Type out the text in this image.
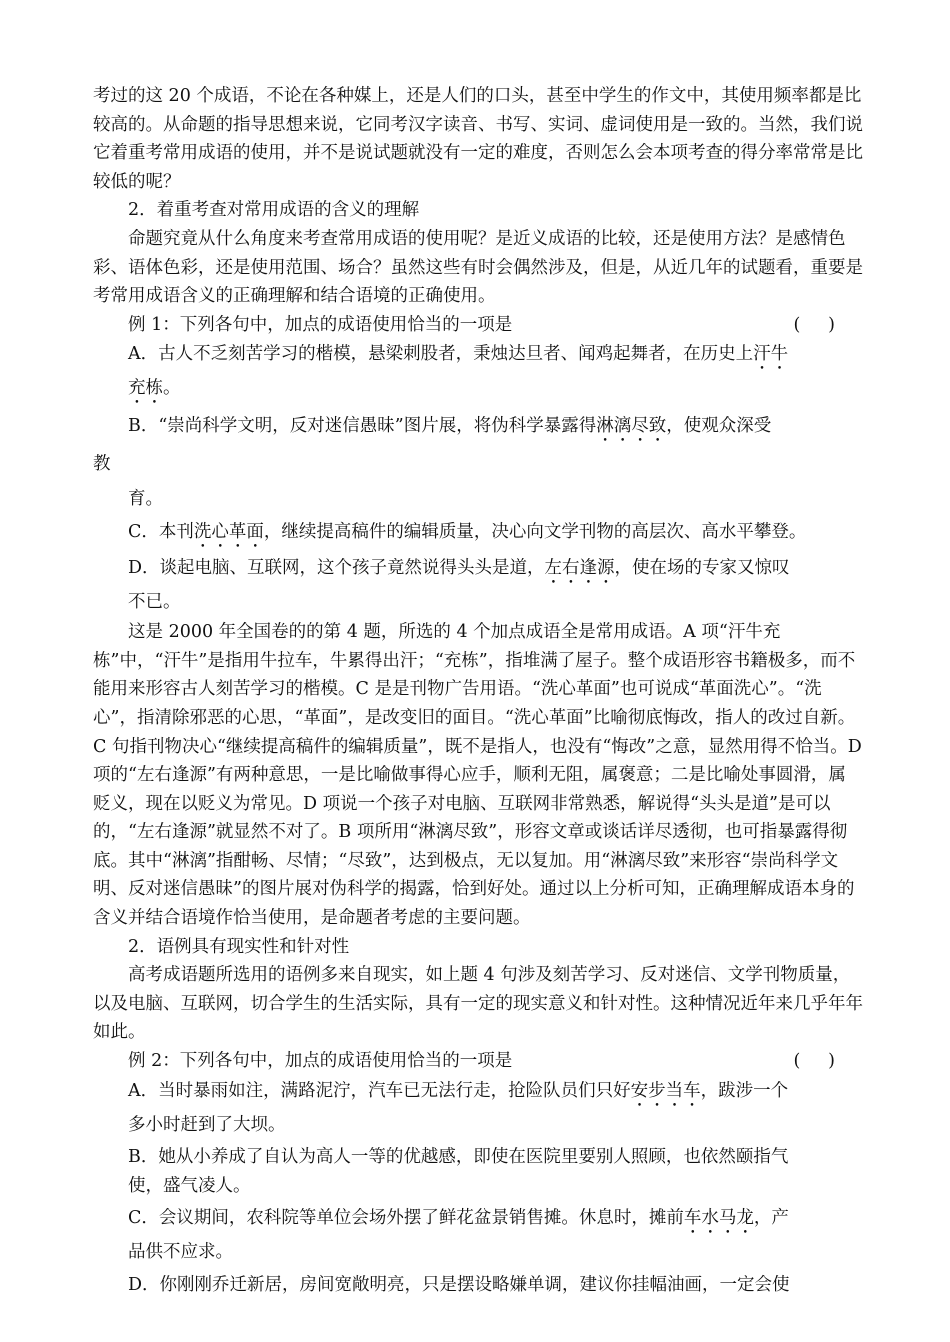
考过的这 20 个成语，不论在各种媒上，还是人们的口头，甚至中学生的作文中，其使用频率都是比较高的。从命题的指导思想来说，它同考汉字读音、书写、实词、虚词使用是一致的。当然，我们说它着重考常用成语的使用，并不是说试题就没有一定的难度，否则怎么会本项考查的得分率常常是比较低的呢？

2．着重考查对常用成语的含义的理解

命题究竟从什么角度来考查常用成语的使用呢？是近义成语的比较，还是使用方法？是感情色彩、语体色彩，还是使用范围、场合？虽然这些有时会偶然涉及，但是，从近几年的试题看，重要是考常用成语含义的正确理解和结合语境的正确使用。

例 1：下列各句中，加点的成语使用恰当的一项是	(     )

A．古人不乏刻苦学习的楷模，悬梁刺股者，秉烛达旦者、闻鸡起舞者，在历史上汗牛
充栋。

B．“崇尚科学文明，反对迷信愚昧”图片展，将伪科学暴露得淋漓尽致，使观众深受

教

育。

C．本刊洗心革面，继续提高稿件的编辑质量，决心向文学刊物的高层次、高水平攀登。

D．谈起电脑、互联网，这个孩子竟然说得头头是道，左右逢源，使在场的专家又惊叹

不已。

这是 2000 年全国卷的的第 4 题，所选的 4 个加点成语全是常用成语。A 项“汗牛充栋”中，“汗牛”是指用牛拉车，牛累得出汗；“充栋”，指堆满了屋子。整个成语形容书籍极多，而不能用来形容古人刻苦学习的楷模。C 是是刊物广告用语。“洗心革面”也可说成“革面洗心”。“洗心”，指清除邪恶的心思，“革面”，是改变旧的面目。“洗心革面”比喻彻底悔改，指人的改过自新。C 句指刊物决心“继续提高稿件的编辑质量”，既不是指人，也没有“悔改”之意，显然用得不恰当。D 项的“左右逢源”有两种意思，一是比喻做事得心应手，顺利无阻，属褒意；二是比喻处事圆滑，属贬义，现在以贬义为常见。D 项说一个孩子对电脑、互联网非常熟悉，解说得“头头是道”是可以的，“左右逢源”就显然不对了。B 项所用“淋漓尽致”，形容文章或谈话详尽透彻，也可指暴露得彻底。其中“淋漓”指酣畅、尽情；“尽致”，达到极点，无以复加。用“淋漓尽致”来形容“崇尚科学文明、反对迷信愚昧”的图片展对伪科学的揭露，恰到好处。通过以上分析可知，正确理解成语本身的含义并结合语境作恰当使用，是命题者考虑的主要问题。

2．语例具有现实性和针对性

高考成语题所选用的语例多来自现实，如上题 4 句涉及刻苦学习、反对迷信、文学刊物质量，以及电脑、互联网，切合学生的生活实际，具有一定的现实意义和针对性。这种情况近年来几乎年年如此。

例 2：下列各句中，加点的成语使用恰当的一项是	(     )

A．当时暴雨如注，满路泥泞，汽车已无法行走，抢险队员们只好安步当车，跋涉一个

多小时赶到了大坝。

B．她从小养成了自认为高人一等的优越感，即使在医院里要别人照顾，也依然颐指气

使，盛气凌人。

C．会议期间，农科院等单位会场外摆了鲜花盆景销售摊。休息时，摊前车水马龙，产

品供不应求。

D．你刚刚乔迁新居，房间宽敞明亮，只是摆设略嫌单调，建议你挂幅油画，一定会使
